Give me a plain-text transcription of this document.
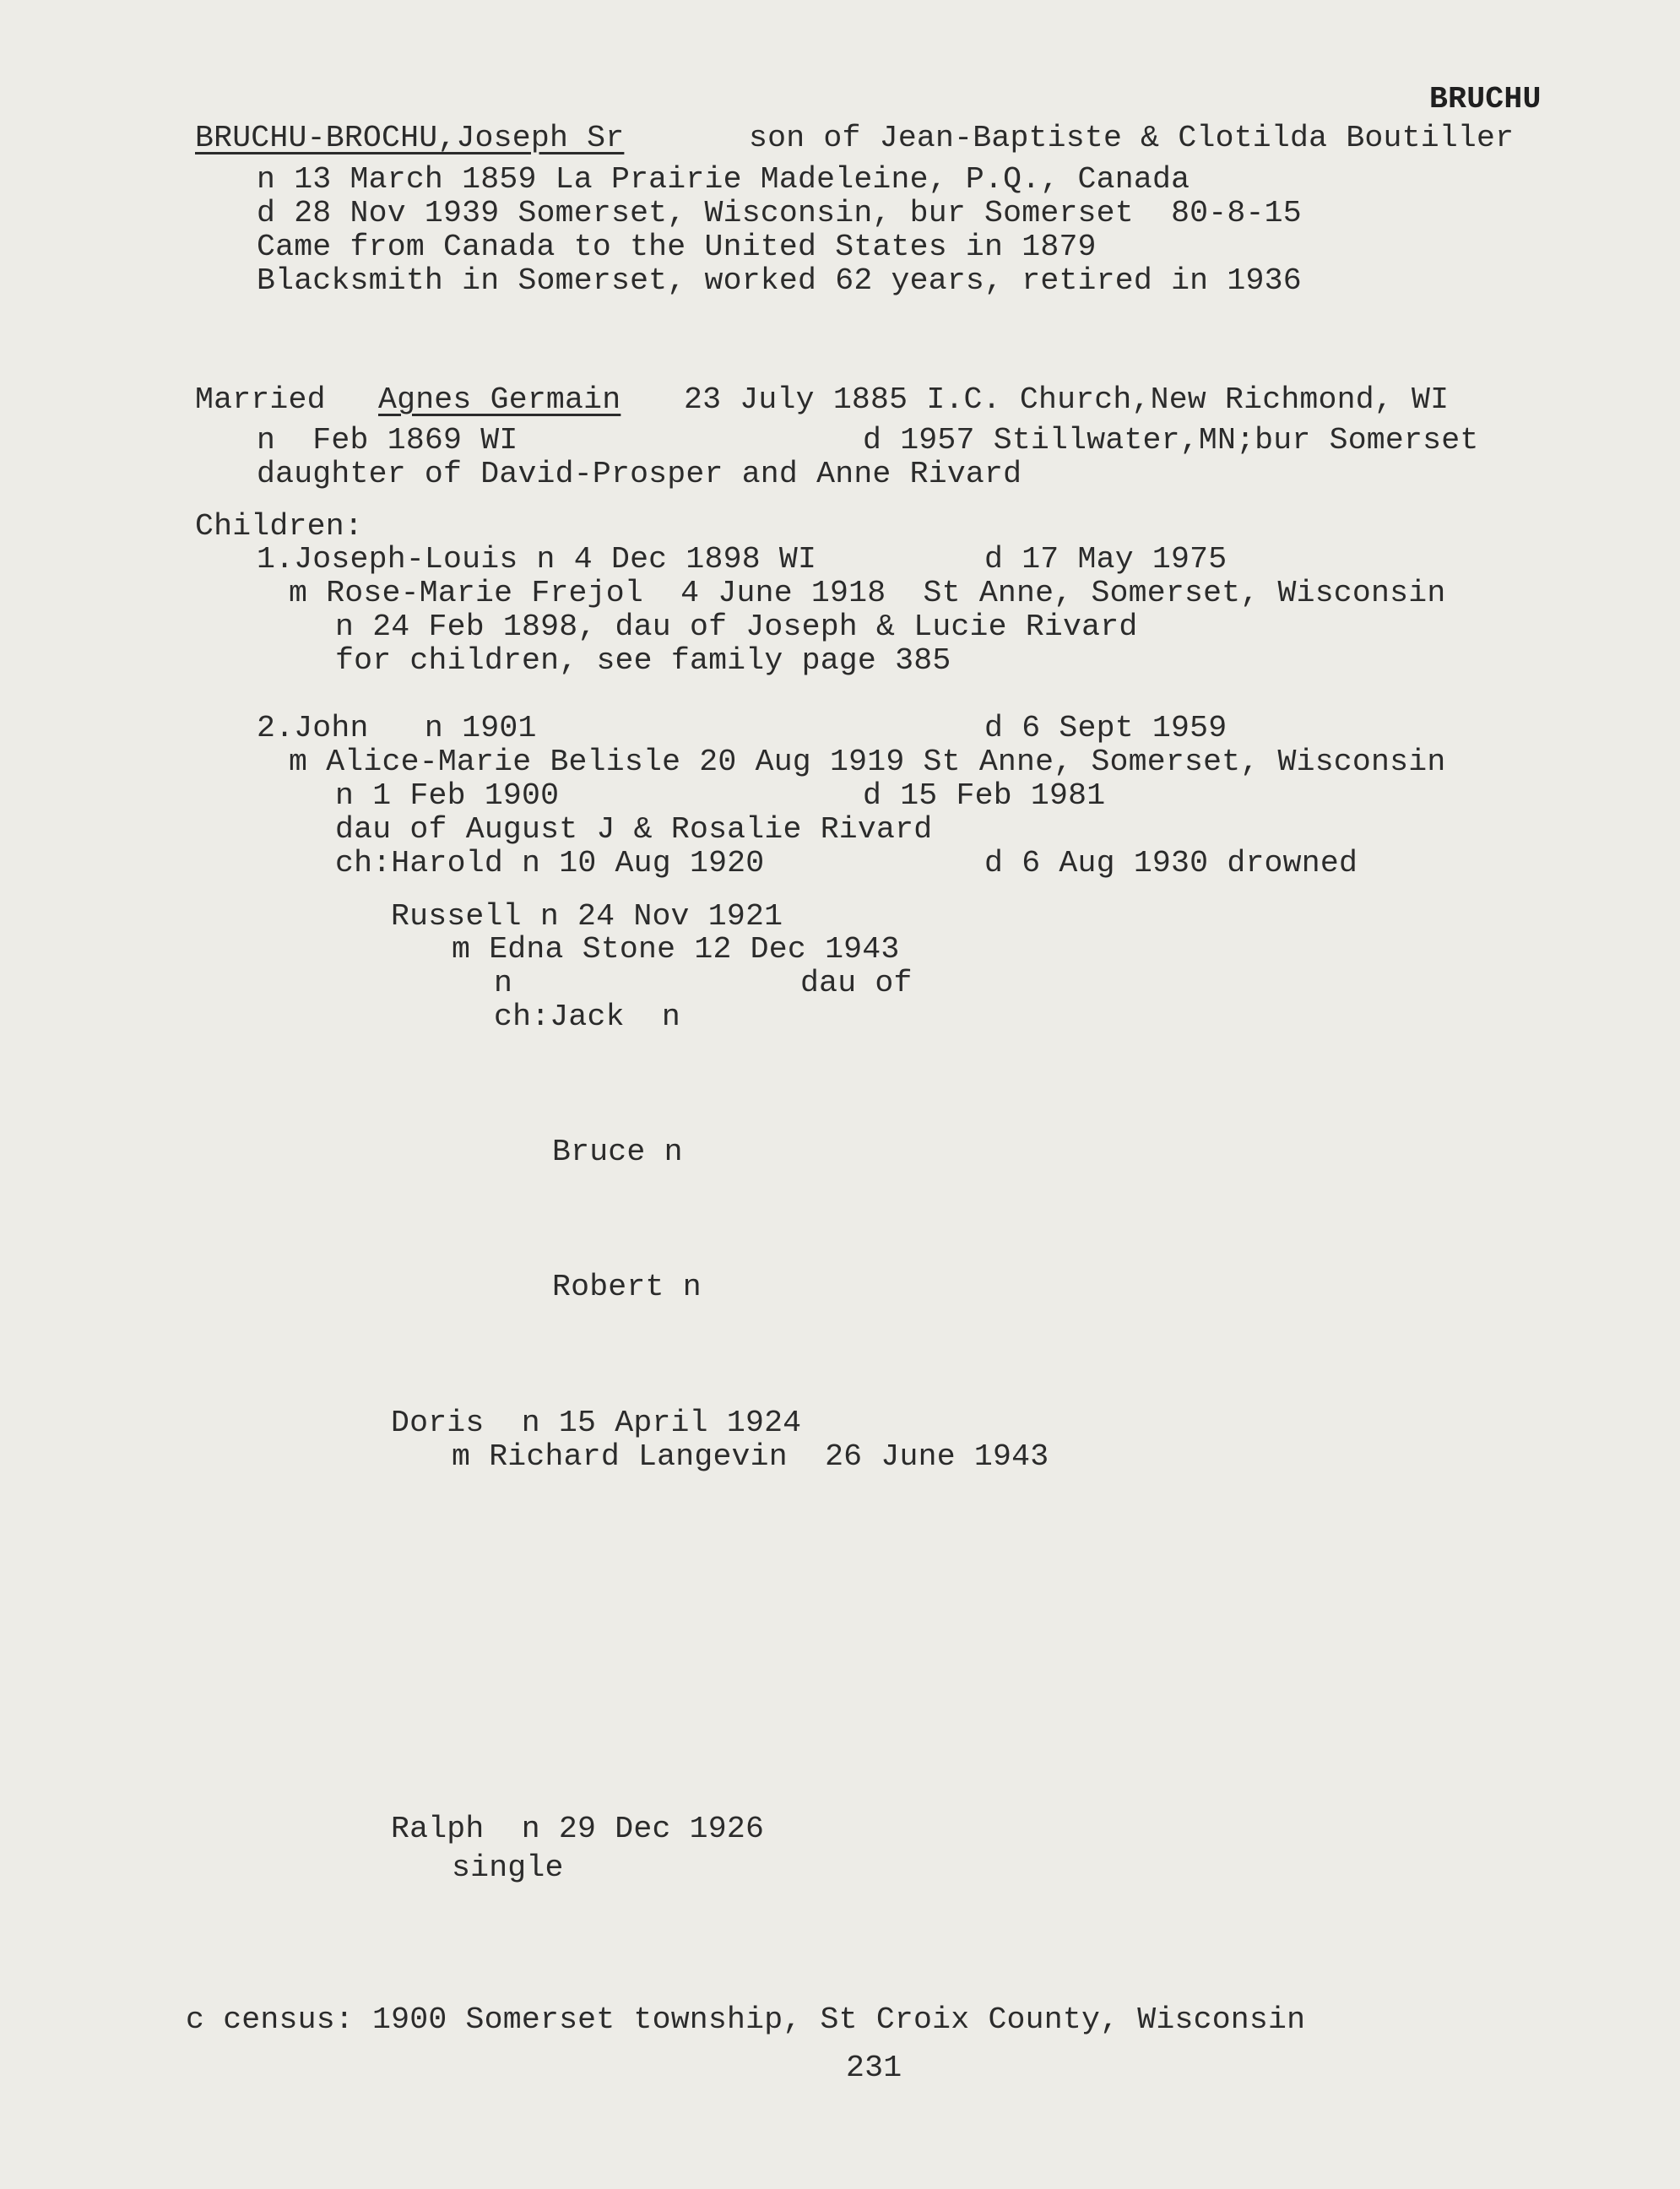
BRUCHU
BRUCHU-BROCHU,Joseph Sr	son of Jean-Baptiste & Clotilda Boutiller
n 13 March 1859 La Prairie Madeleine, P.Q., Canada
d 28 Nov 1939 Somerset, Wisconsin, bur Somerset  80-8-15
Came from Canada to the United States in 1879
Blacksmith in Somerset, worked 62 years, retired in 1936
Married Agnes Germain 23 July 1885 I.C. Church,New Richmond, WI
n  Feb 1869 WI	d 1957 Stillwater,MN;bur Somerset
daughter of David-Prosper and Anne Rivard
Children:
1.Joseph-Louis n 4 Dec 1898 WI	d 17 May 1975
m Rose-Marie Frejol  4 June 1918  St Anne, Somerset, Wisconsin
n 24 Feb 1898, dau of Joseph & Lucie Rivard
for children, see family page 385
2.John   n 1901	d 6 Sept 1959
m Alice-Marie Belisle 20 Aug 1919 St Anne, Somerset, Wisconsin
n 1 Feb 1900	d 15 Feb 1981
dau of August J & Rosalie Rivard
ch:Harold n 10 Aug 1920	d 6 Aug 1930 drowned
Russell n 24 Nov 1921
m Edna Stone 12 Dec 1943
n	dau of
ch:Jack  n
Bruce n
Robert n
Doris  n 15 April 1924
m Richard Langevin  26 June 1943
Ralph  n 29 Dec 1926
single
c census: 1900 Somerset township, St Croix County, Wisconsin
231
